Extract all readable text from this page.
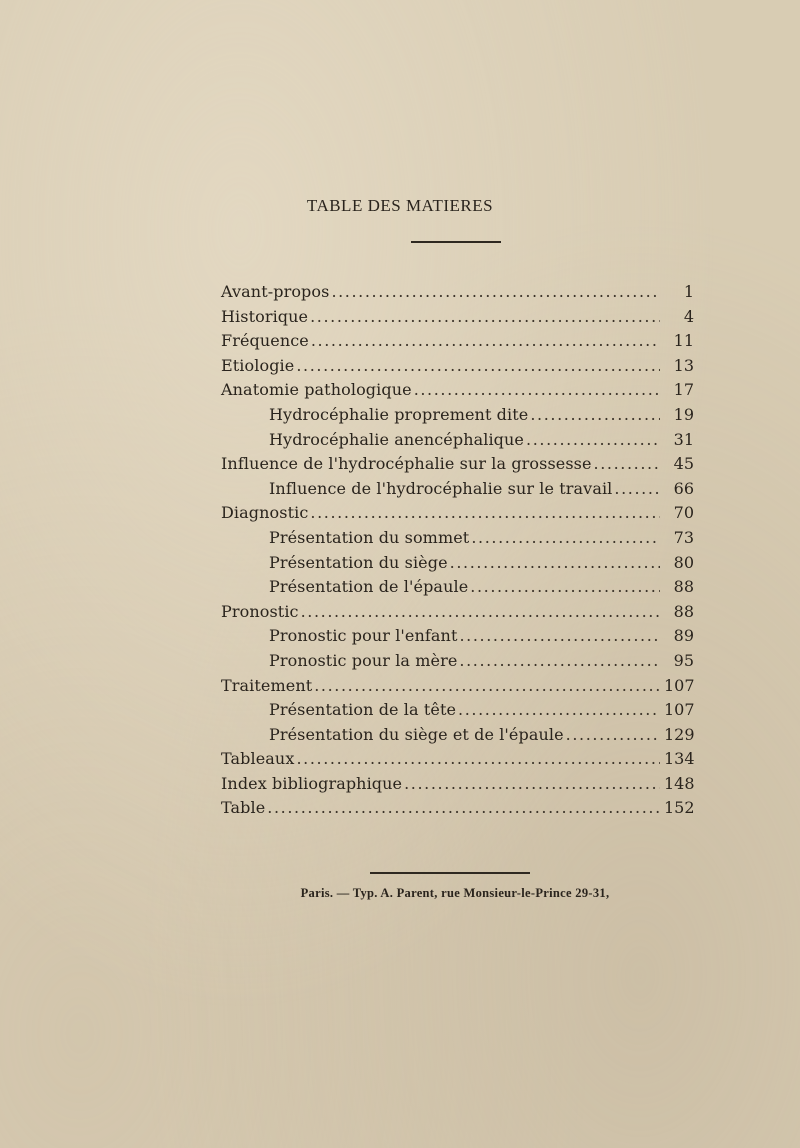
TABLE DES MATIERES
Avant-propos .....	1
Historique .....	4
Fréquence .....	11
Etiologie .....	13
Anatomie pathologique .....	17
Hydrocéphalie proprement dite .....	19
Hydrocéphalie anencéphalique .....	31
Influence de l'hydrocéphalie sur la grossesse .....	45
Influence de l'hydrocéphalie sur le travail .....	66
Diagnostic .....	70
Présentation du sommet .....	73
Présentation du siège .....	80
Présentation de l'épaule .....	88
Pronostic .....	88
Pronostic pour l'enfant .....	89
Pronostic pour la mère .....	95
Traitement .....	107
Présentation de la tête .....	107
Présentation du siège et de l'épaule .....	129
Tableaux .....	134
Index bibliographique .....	148
Table .....	152
Paris. — Typ. A. Parent, rue Monsieur-le-Prince 29-31,
